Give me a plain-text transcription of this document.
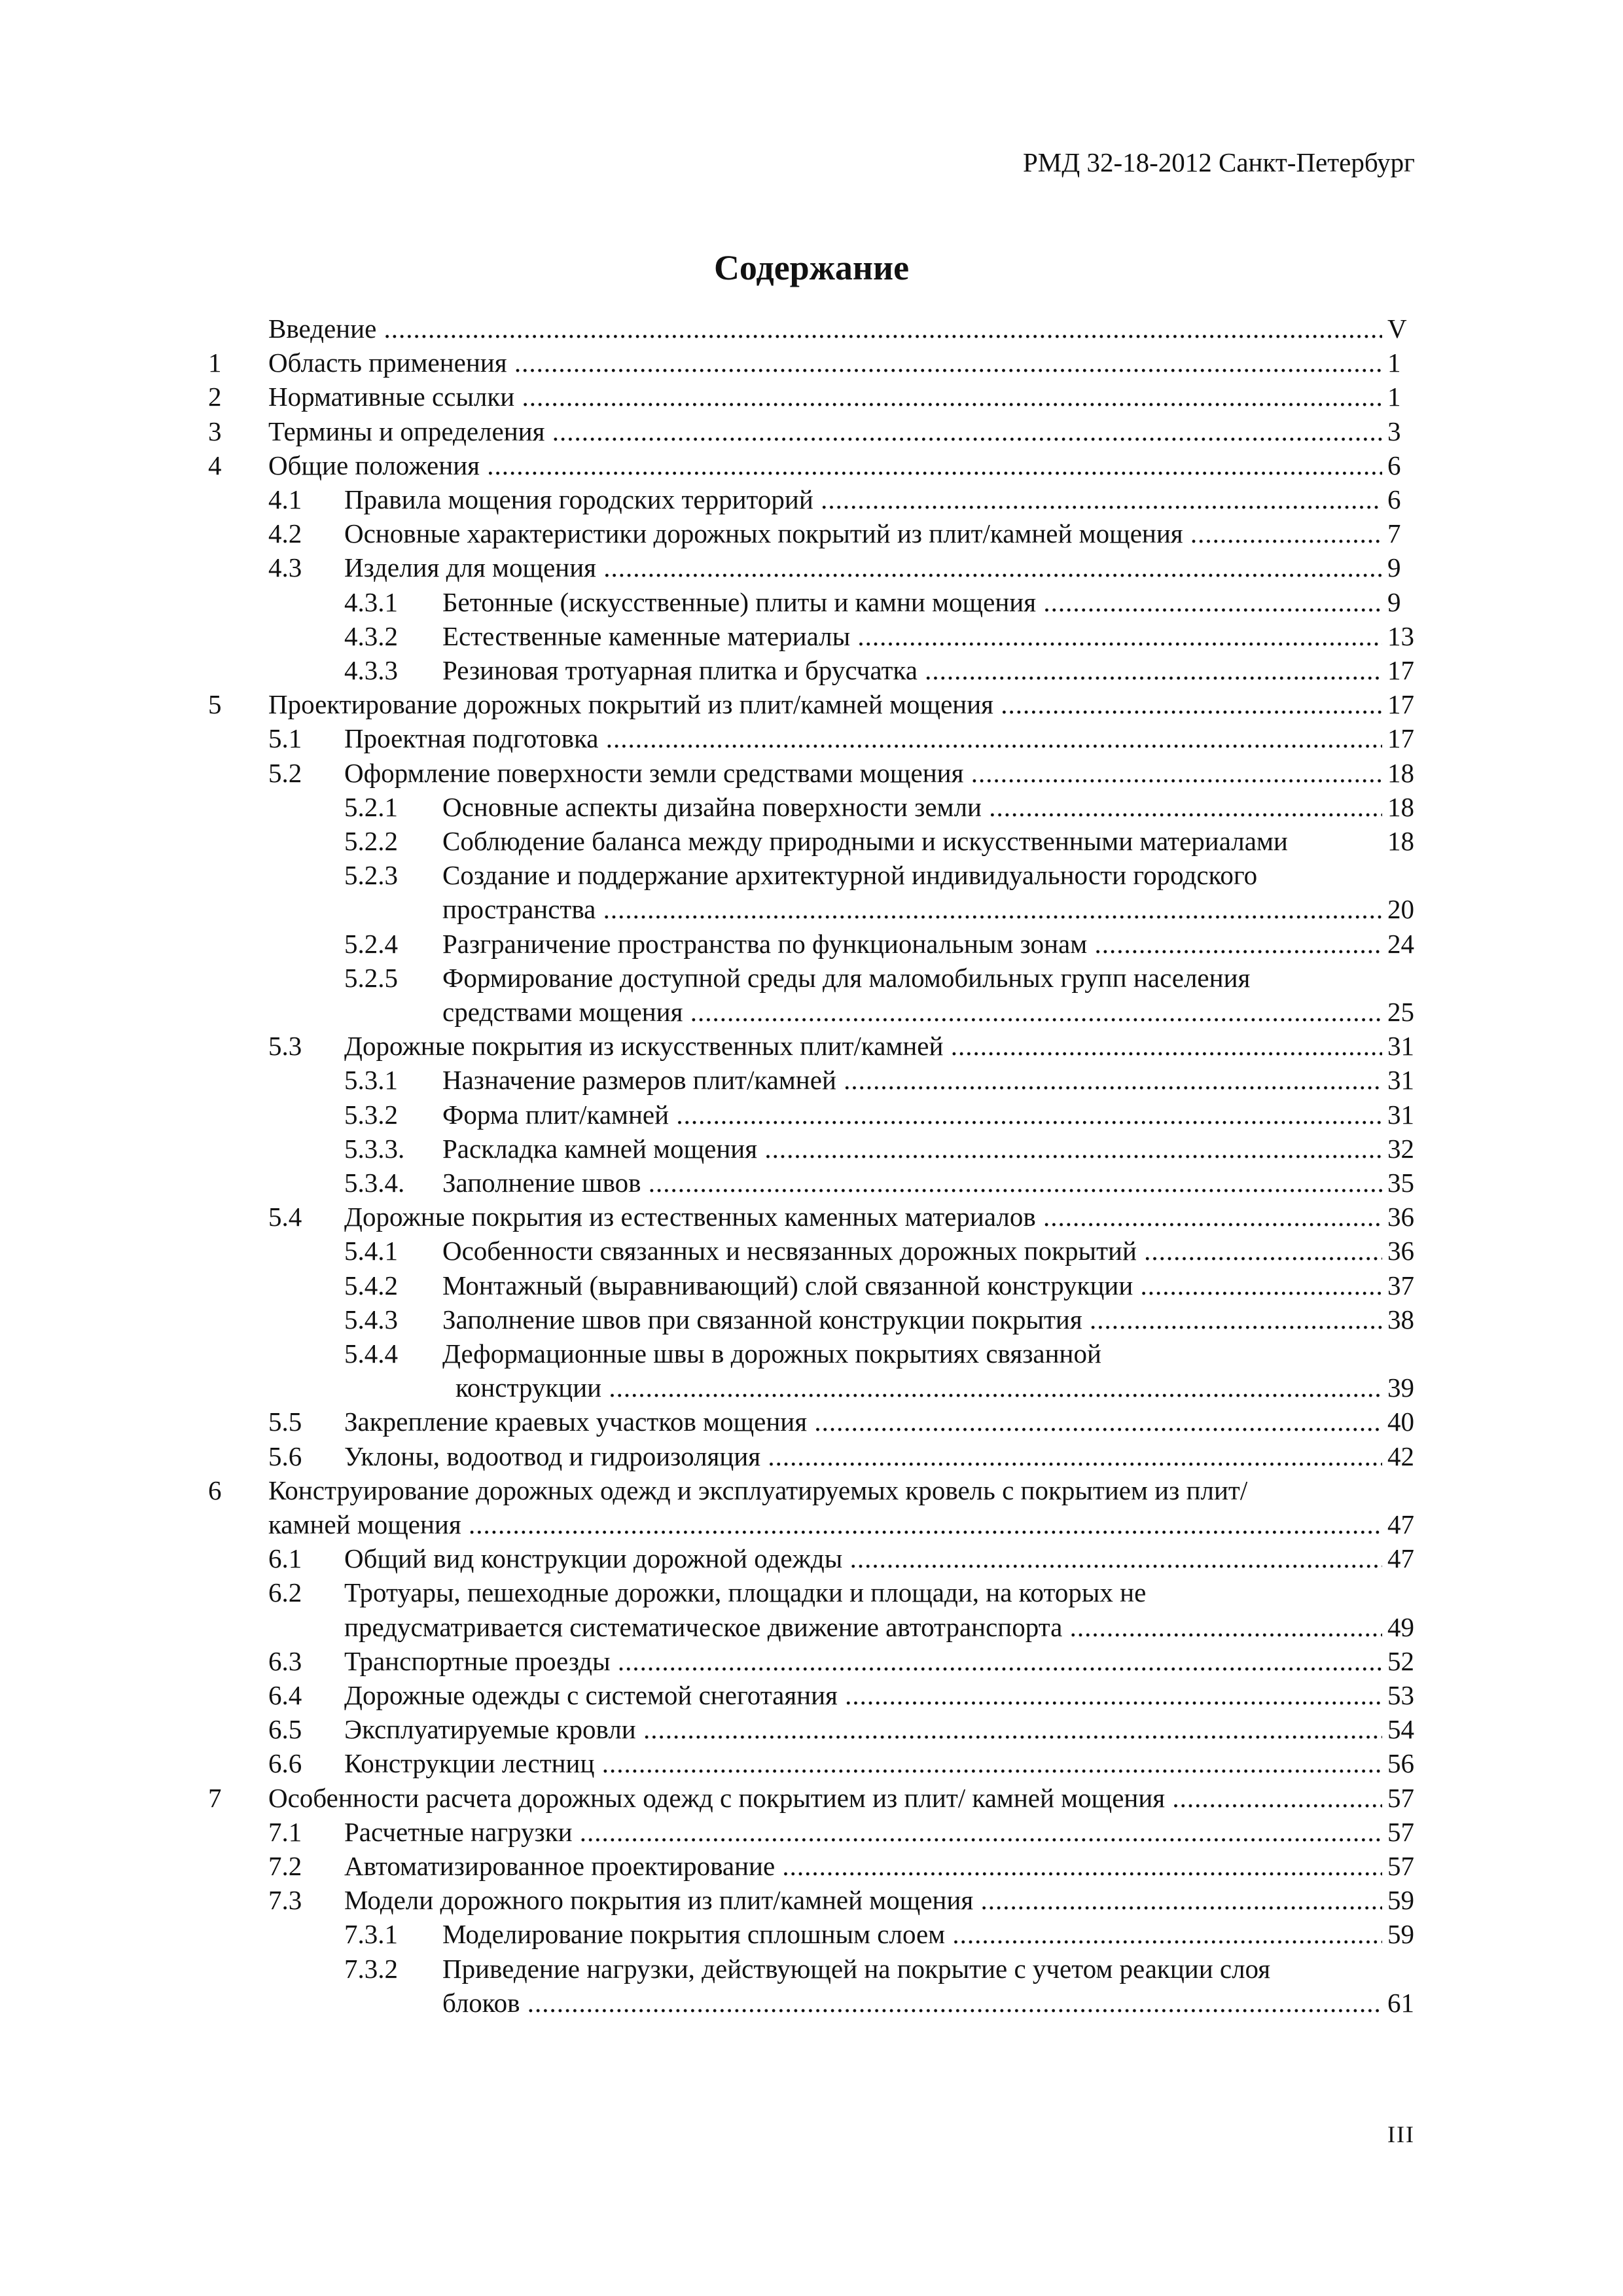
РМД 32-18-2012 Санкт-Петербург
Содержание
Введение .....	V
1 Область применения .....	1
2 Нормативные ссылки .....	1
3 Термины и определения .....	3
4 Общие положения .....	6
4.1 Правила мощения городских территорий .....	6
4.2 Основные характеристики дорожных покрытий из плит/камней мощения .....	7
4.3 Изделия для мощения .....	9
4.3.1 Бетонные (искусственные) плиты и камни мощения .....	9
4.3.2 Естественные каменные материалы .....	13
4.3.3 Резиновая тротуарная плитка и брусчатка .....	17
5 Проектирование дорожных покрытий из плит/камней мощения .....	17
5.1 Проектная подготовка .....	17
5.2 Оформление поверхности земли средствами мощения .....	18
5.2.1 Основные аспекты дизайна поверхности земли .....	18
5.2.2 Соблюдение баланса между природными и искусственными материалами	18
5.2.3 Создание и поддержание архитектурной индивидуальности городского
пространства .....	20
5.2.4 Разграничение пространства по функциональным зонам .....	24
5.2.5 Формирование доступной среды для маломобильных групп населения
средствами мощения .....	25
5.3 Дорожные покрытия из искусственных плит/камней .....	31
5.3.1 Назначение размеров плит/камней .....	31
5.3.2 Форма плит/камней .....	31
5.3.3. Раскладка камней мощения .....	32
5.3.4. Заполнение швов .....	35
5.4 Дорожные покрытия из естественных каменных материалов .....	36
5.4.1 Особенности связанных и несвязанных дорожных покрытий .....	36
5.4.2 Монтажный (выравнивающий) слой связанной конструкции .....	37
5.4.3 Заполнение швов при связанной конструкции покрытия .....	38
5.4.4 Деформационные швы в дорожных покрытиях связанной
конструкции .....	39
5.5 Закрепление краевых участков мощения .....	40
5.6 Уклоны, водоотвод и гидроизоляция .....	42
6 Конструирование дорожных одежд и эксплуатируемых кровель с покрытием из плит/
камней мощения .....	47
6.1 Общий вид конструкции дорожной одежды .....	47
6.2 Тротуары, пешеходные дорожки, площадки и площади, на которых не
предусматривается систематическое движение автотранспорта .....	49
6.3 Транспортные проезды .....	52
6.4 Дорожные одежды с системой снеготаяния .....	53
6.5 Эксплуатируемые кровли .....	54
6.6 Конструкции лестниц .....	56
7 Особенности расчета дорожных одежд с покрытием из плит/ камней мощения .....	57
7.1 Расчетные нагрузки .....	57
7.2 Автоматизированное проектирование .....	57
7.3 Модели дорожного покрытия из плит/камней мощения .....	59
7.3.1 Моделирование покрытия сплошным слоем .....	59
7.3.2 Приведение нагрузки, действующей на покрытие с учетом реакции слоя
блоков .....	61
III
